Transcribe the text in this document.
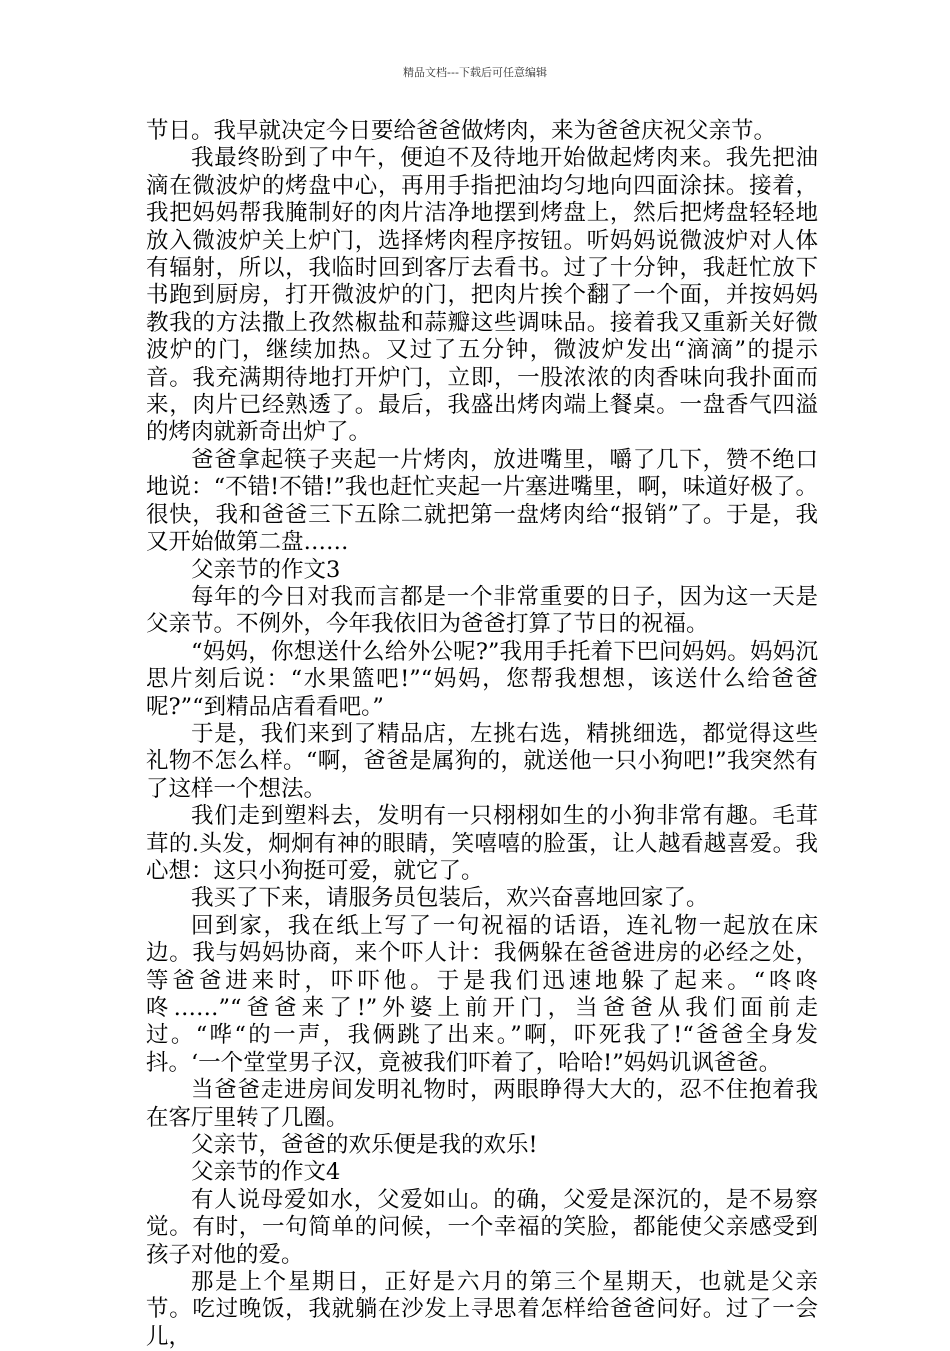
精品文档---下载后可任意编辑

节日。我早就决定今日要给爸爸做烤肉，来为爸爸庆祝父亲节。

我最终盼到了中午，便迫不及待地开始做起烤肉来。我先把油滴在微波炉的烤盘中心，再用手指把油均匀地向四面涂抹。接着，我把妈妈帮我腌制好的肉片洁净地摆到烤盘上，然后把烤盘轻轻地放入微波炉关上炉门，选择烤肉程序按钮。听妈妈说微波炉对人体有辐射，所以，我临时回到客厅去看书。过了十分钟，我赶忙放下书跑到厨房，打开微波炉的门，把肉片挨个翻了一个面，并按妈妈教我的方法撒上孜然椒盐和蒜瓣这些调味品。接着我又重新关好微波炉的门，继续加热。又过了五分钟，微波炉发出“滴滴”的提示音。我充满期待地打开炉门，立即，一股浓浓的肉香味向我扑面而来，肉片已经熟透了。最后，我盛出烤肉端上餐桌。一盘香气四溢的烤肉就新奇出炉了。

爸爸拿起筷子夹起一片烤肉，放进嘴里，嚼了几下，赞不绝口地说：“不错!不错!”我也赶忙夹起一片塞进嘴里，啊，味道好极了。很快，我和爸爸三下五除二就把第一盘烤肉给“报销”了。于是，我又开始做第二盘……

父亲节的作文3

每年的今日对我而言都是一个非常重要的日子，因为这一天是父亲节。不例外，今年我依旧为爸爸打算了节日的祝福。

“妈妈，你想送什么给外公呢?”我用手托着下巴问妈妈。妈妈沉思片刻后说：“水果篮吧!”“妈妈，您帮我想想，该送什么给爸爸呢?”“到精品店看看吧。”

于是，我们来到了精品店，左挑右选，精挑细选，都觉得这些礼物不怎么样。“啊，爸爸是属狗的，就送他一只小狗吧!”我突然有了这样一个想法。

我们走到塑料去，发明有一只栩栩如生的小狗非常有趣。毛茸茸的.头发，炯炯有神的眼睛，笑嘻嘻的脸蛋，让人越看越喜爱。我心想：这只小狗挺可爱，就它了。

我买了下来，请服务员包装后，欢兴奋喜地回家了。

回到家，我在纸上写了一句祝福的话语，连礼物一起放在床边。我与妈妈协商，来个吓人计：我俩躲在爸爸进房的必经之处，等爸爸进来时，吓吓他。于是我们迅速地躲了起来。“咚咚咚……”“爸爸来了!”外婆上前开门，当爸爸从我们面前走过。“哗“的一声，我俩跳了出来。”啊，吓死我了!“爸爸全身发抖。‘一个堂堂男子汉，竟被我们吓着了，哈哈!”妈妈讥讽爸爸。

当爸爸走进房间发明礼物时，两眼睁得大大的，忍不住抱着我在客厅里转了几圈。

父亲节，爸爸的欢乐便是我的欢乐!

父亲节的作文4

有人说母爱如水，父爱如山。的确，父爱是深沉的，是不易察觉。有时，一句简单的问候，一个幸福的笑脸，都能使父亲感受到孩子对他的爱。

那是上个星期日，正好是六月的第三个星期天，也就是父亲节。吃过晚饭，我就躺在沙发上寻思着怎样给爸爸问好。过了一会儿，
